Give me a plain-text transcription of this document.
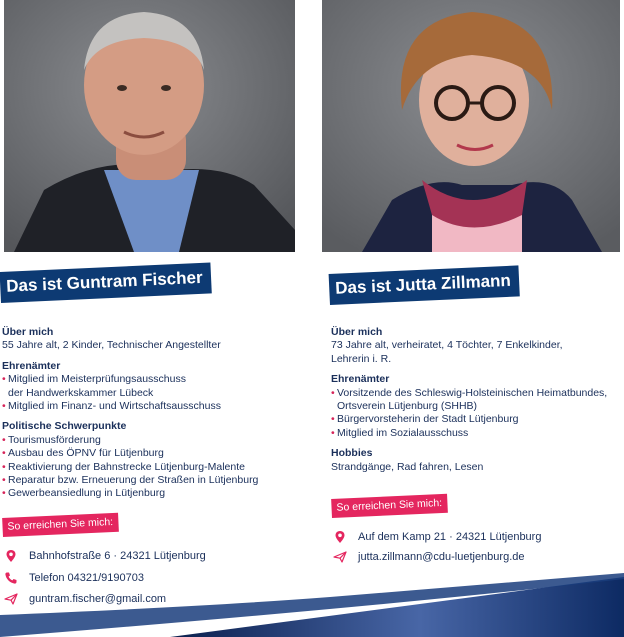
Das ist Guntram Fischer	Das ist Jutta Zillmann

Über mich

55 Jahre alt, 2 Kinder, Technischer Angestellter

Ehrenämter

• Mitglied im Meisterprüfungsausschuss
der Handwerkskammer Lübeck
• Mitglied im Finanz- und Wirtschaftsausschuss

Politische Schwerpunkte

• Tourismusförderung
• Ausbau des ÖPNV für Lütjenburg
• Reaktivierung der Bahnstrecke Lütjenburg-Malente
• Reparatur bzw. Erneuerung der Straßen in Lütjenburg
• Gewerbeansiedlung in Lütjenburg

Über mich

73 Jahre alt, verheiratet, 4 Töchter, 7 Enkelkinder,
Lehrerin i. R.

Ehrenämter

• Vorsitzende des Schleswig-Holsteinischen Heimatbundes,
Ortsverein Lütjenburg (SHHB)
• Bürgervorsteherin der Stadt Lütjenburg
• Mitglied im Sozialausschuss

Hobbies

Strandgänge, Rad fahren, Lesen

So erreichen Sie mich:
So erreichen Sie mich:
Bahnhofstraße 6 · 24321 Lütjenburg
Telefon 04321/9190703
guntram.fischer@gmail.com
Auf dem Kamp 21 · 24321 Lütjenburg
jutta.zillmann@cdu-luetjenburg.de
